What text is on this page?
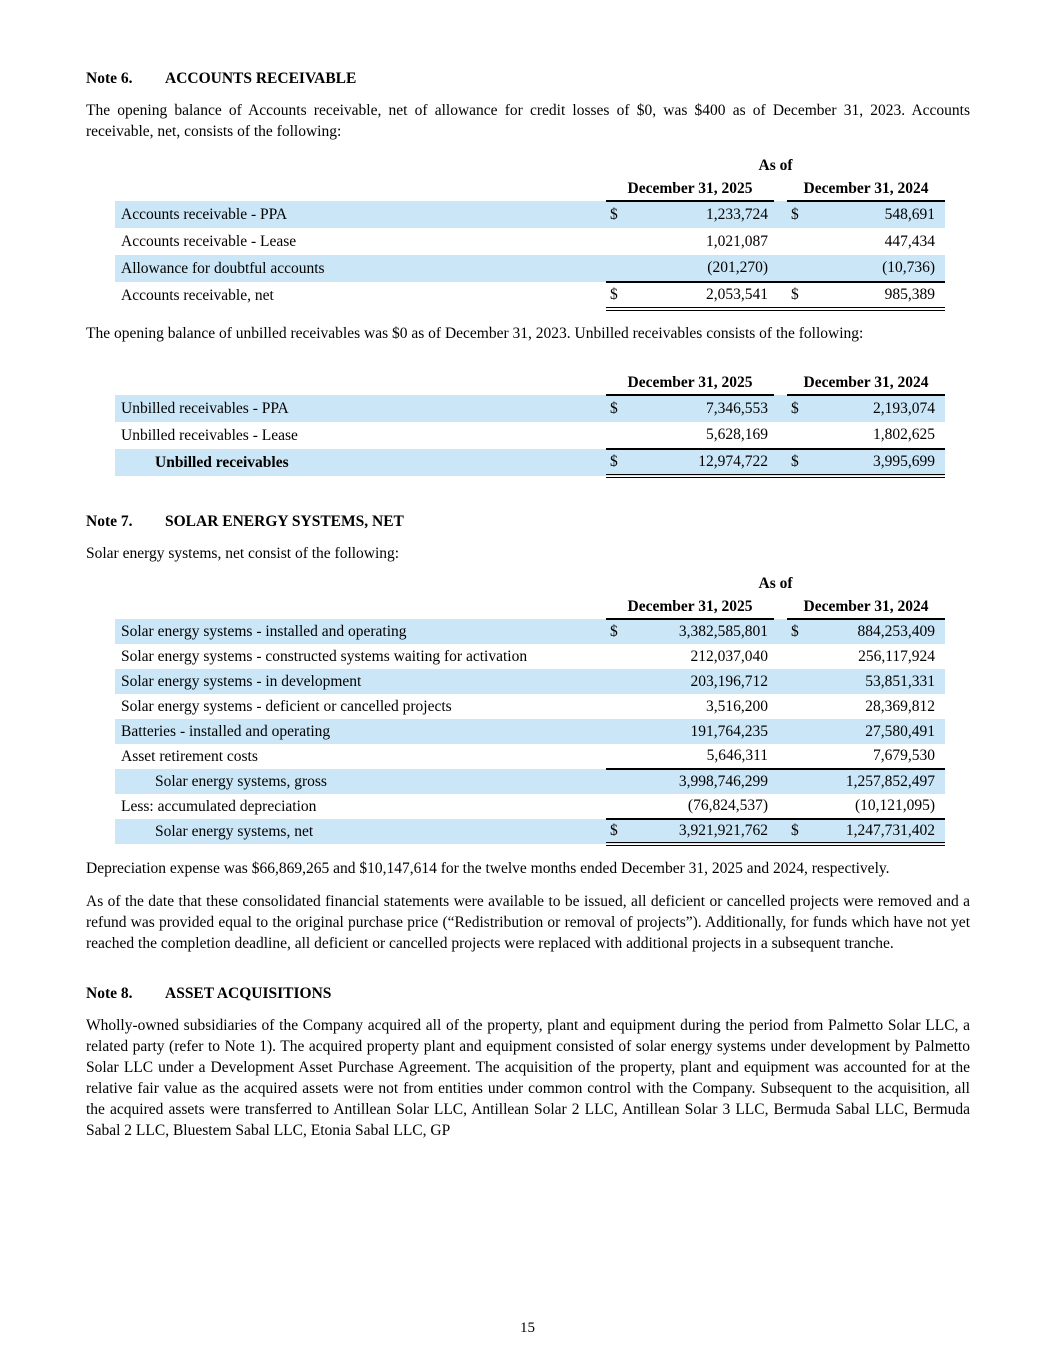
Note 6. ACCOUNTS RECEIVABLE

The opening balance of Accounts receivable, net of allowance for credit losses of $0, was $400 as of December 31, 2023. Accounts receivable, net, consists of the following:

	As of				
	December 31, 2025			December 31, 2024	
Accounts receivable - PPA	$	1,233,724		$	548,691
Accounts receivable - Lease		1,021,087			447,434
Allowance for doubtful accounts		(201,270)			(10,736)
Accounts receivable, net	$	2,053,541		$	985,389

The opening balance of unbilled receivables was $0 as of December 31, 2023. Unbilled receivables consists of the following:

	December 31, 2025			December 31, 2024	
Unbilled receivables - PPA	$	7,346,553		$	2,193,074
Unbilled receivables - Lease		5,628,169			1,802,625
Unbilled receivables	$	12,974,722		$	3,995,699
Note 7. SOLAR ENERGY SYSTEMS, NET

Solar energy systems, net consist of the following:

	As of				
	December 31, 2025			December 31, 2024	
Solar energy systems - installed and operating	$	3,382,585,801		$	884,253,409
Solar energy systems - constructed systems waiting for activation		212,037,040			256,117,924
Solar energy systems - in development		203,196,712			53,851,331
Solar energy systems - deficient or cancelled projects		3,516,200			28,369,812
Batteries - installed and operating		191,764,235			27,580,491
Asset retirement costs		5,646,311			7,679,530
Solar energy systems, gross		3,998,746,299			1,257,852,497
Less: accumulated depreciation		(76,824,537)			(10,121,095)
Solar energy systems, net	$	3,921,921,762		$	1,247,731,402

Depreciation expense was $66,869,265 and $10,147,614 for the twelve months ended December 31, 2025 and 2024, respectively.

As of the date that these consolidated financial statements were available to be issued, all deficient or cancelled projects were removed and a refund was provided equal to the original purchase price (“Redistribution or removal of projects”). Additionally, for funds which have not yet reached the completion deadline, all deficient or cancelled projects were replaced with additional projects in a subsequent tranche.

Note 8. ASSET ACQUISITIONS

Wholly-owned subsidiaries of the Company acquired all of the property, plant and equipment during the period from Palmetto Solar LLC, a related party (refer to Note 1). The acquired property plant and equipment consisted of solar energy systems under development by Palmetto Solar LLC under a Development Asset Purchase Agreement. The acquisition of the property, plant and equipment was accounted for at the relative fair value as the acquired assets were not from entities under common control with the Company. Subsequent to the acquisition, all the acquired assets were transferred to Antillean Solar LLC, Antillean Solar 2 LLC, Antillean Solar 3 LLC, Bermuda Sabal LLC, Bermuda Sabal 2 LLC, Bluestem Sabal LLC, Etonia Sabal LLC, GP

15
